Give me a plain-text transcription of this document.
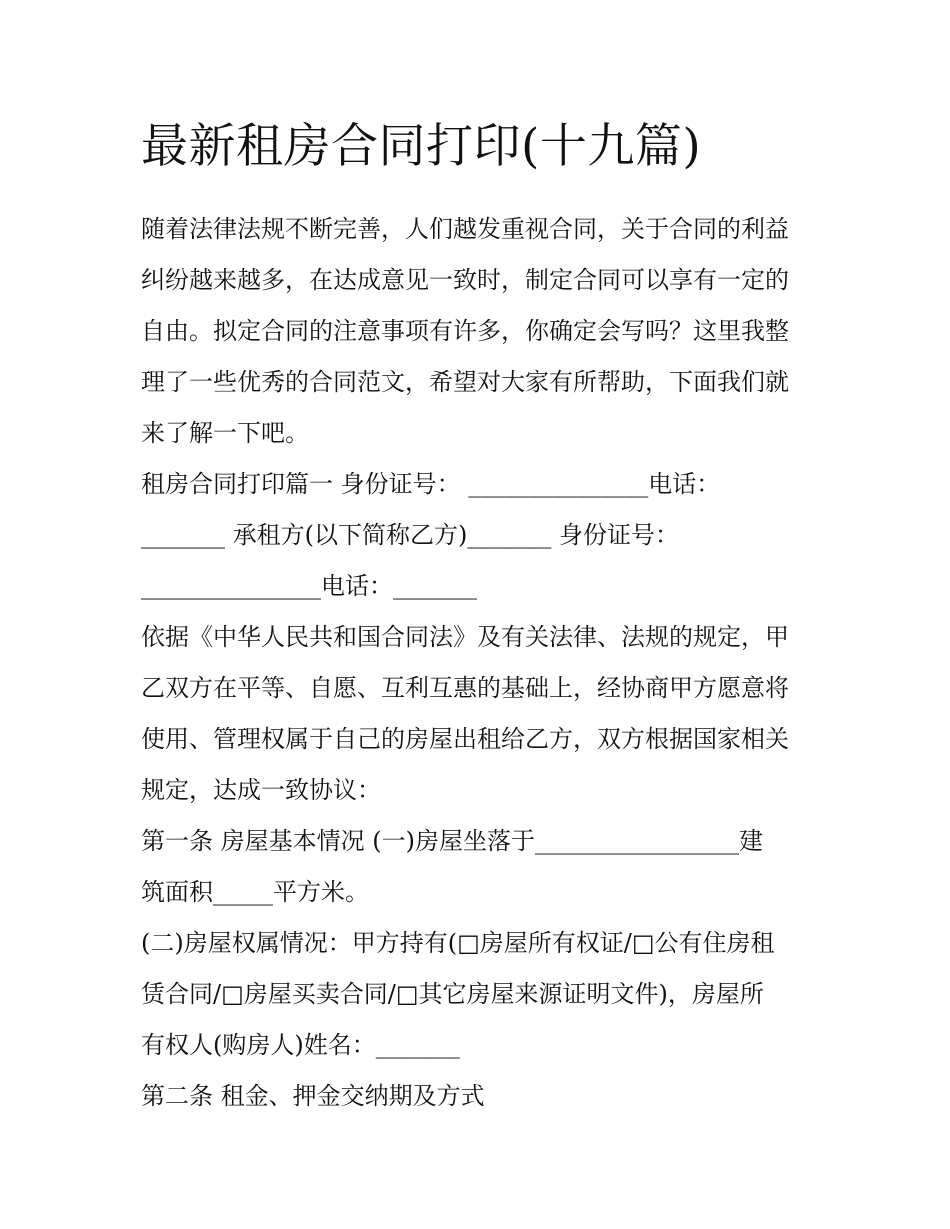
最新租房合同打印(十九篇)

随着法律法规不断完善，人们越发重视合同，关于合同的利益
纠纷越来越多，在达成意见一致时，制定合同可以享有一定的
自由。拟定合同的注意事项有许多，你确定会写吗？这里我整
理了一些优秀的合同范文，希望对大家有所帮助，下面我们就
来了解一下吧。

租房合同打印篇一 身份证号： _______________电话：
_______ 承租方(以下简称乙方)_______ 身份证号：
_______________电话：_______

依据《中华人民共和国合同法》及有关法律、法规的规定，甲
乙双方在平等、自愿、互利互惠的基础上，经协商甲方愿意将
使用、管理权属于自己的房屋出租给乙方，双方根据国家相关
规定，达成一致协议：

第一条 房屋基本情况 (一)房屋坐落于_________________建
筑面积_____平方米。

(二)房屋权属情况：甲方持有(□房屋所有权证/□公有住房租
赁合同/□房屋买卖合同/□其它房屋来源证明文件)，房屋所
有权人(购房人)姓名：_______

第二条 租金、押金交纳期及方式
